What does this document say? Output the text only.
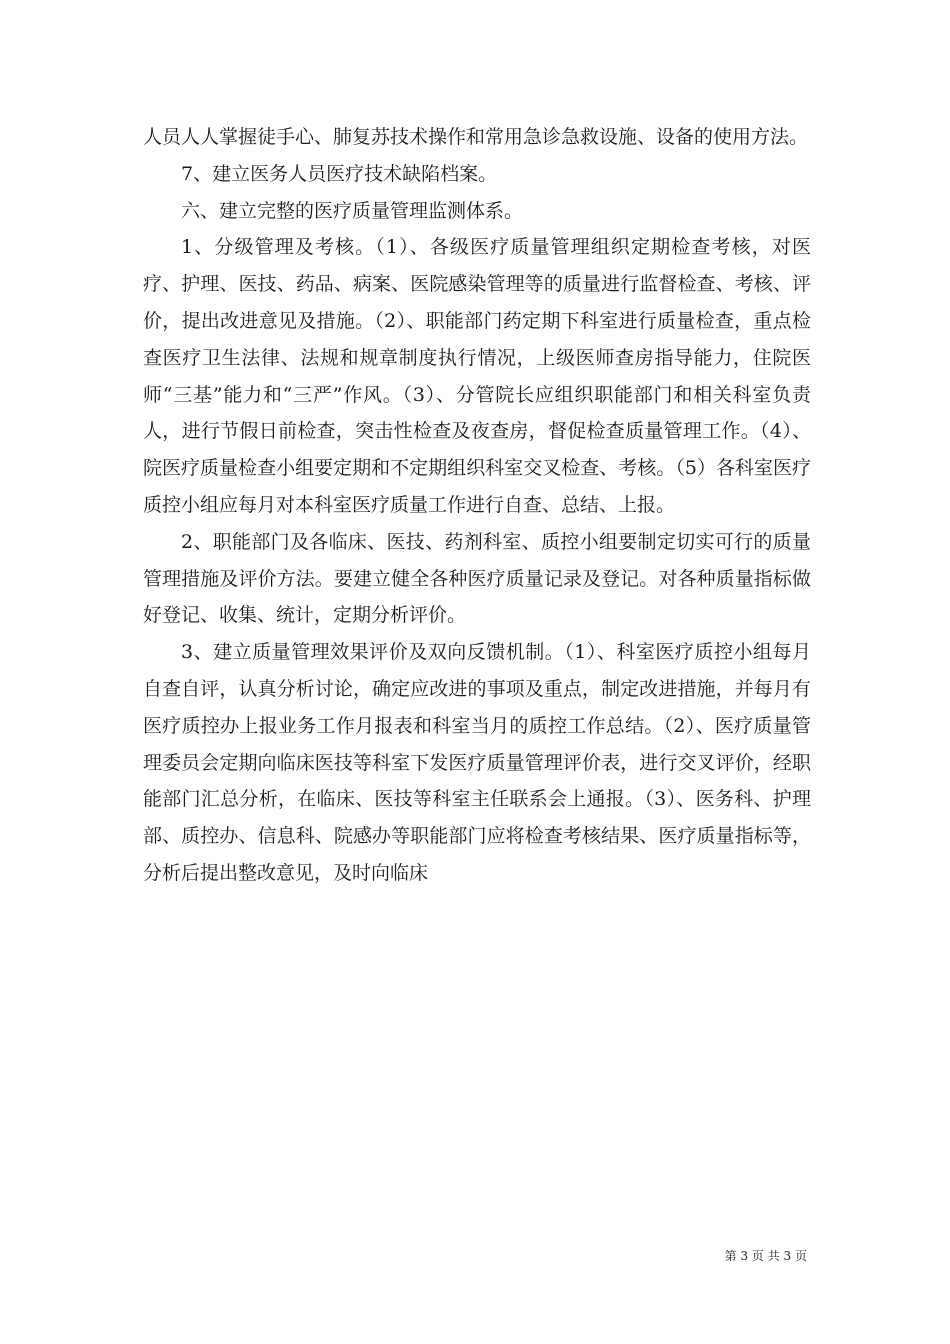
人员人人掌握徒手心、肺复苏技术操作和常用急诊急救设施、设备的使用方法。

7、建立医务人员医疗技术缺陷档案。

六、建立完整的医疗质量管理监测体系。

1、分级管理及考核。（1）、各级医疗质量管理组织定期检查考核，对医疗、护理、医技、药品、病案、医院感染管理等的质量进行监督检查、考核、评价，提出改进意见及措施。（2）、职能部门药定期下科室进行质量检查，重点检查医疗卫生法律、法规和规章制度执行情况，上级医师查房指导能力，住院医师“三基”能力和“三严”作风。（3）、分管院长应组织职能部门和相关科室负责人，进行节假日前检查，突击性检查及夜查房，督促检查质量管理工作。（4）、院医疗质量检查小组要定期和不定期组织科室交叉检查、考核。（5）各科室医疗质控小组应每月对本科室医疗质量工作进行自查、总结、上报。

2、职能部门及各临床、医技、药剂科室、质控小组要制定切实可行的质量管理措施及评价方法。要建立健全各种医疗质量记录及登记。对各种质量指标做好登记、收集、统计，定期分析评价。

3、建立质量管理效果评价及双向反馈机制。（1）、科室医疗质控小组每月自查自评，认真分析讨论，确定应改进的事项及重点，制定改进措施，并每月有医疗质控办上报业务工作月报表和科室当月的质控工作总结。（2）、医疗质量管理委员会定期向临床医技等科室下发医疗质量管理评价表，进行交叉评价，经职能部门汇总分析，在临床、医技等科室主任联系会上通报。（3）、医务科、护理部、质控办、信息科、院感办等职能部门应将检查考核结果、医疗质量指标等，分析后提出整改意见，及时向临床

第 3 页 共 3 页
